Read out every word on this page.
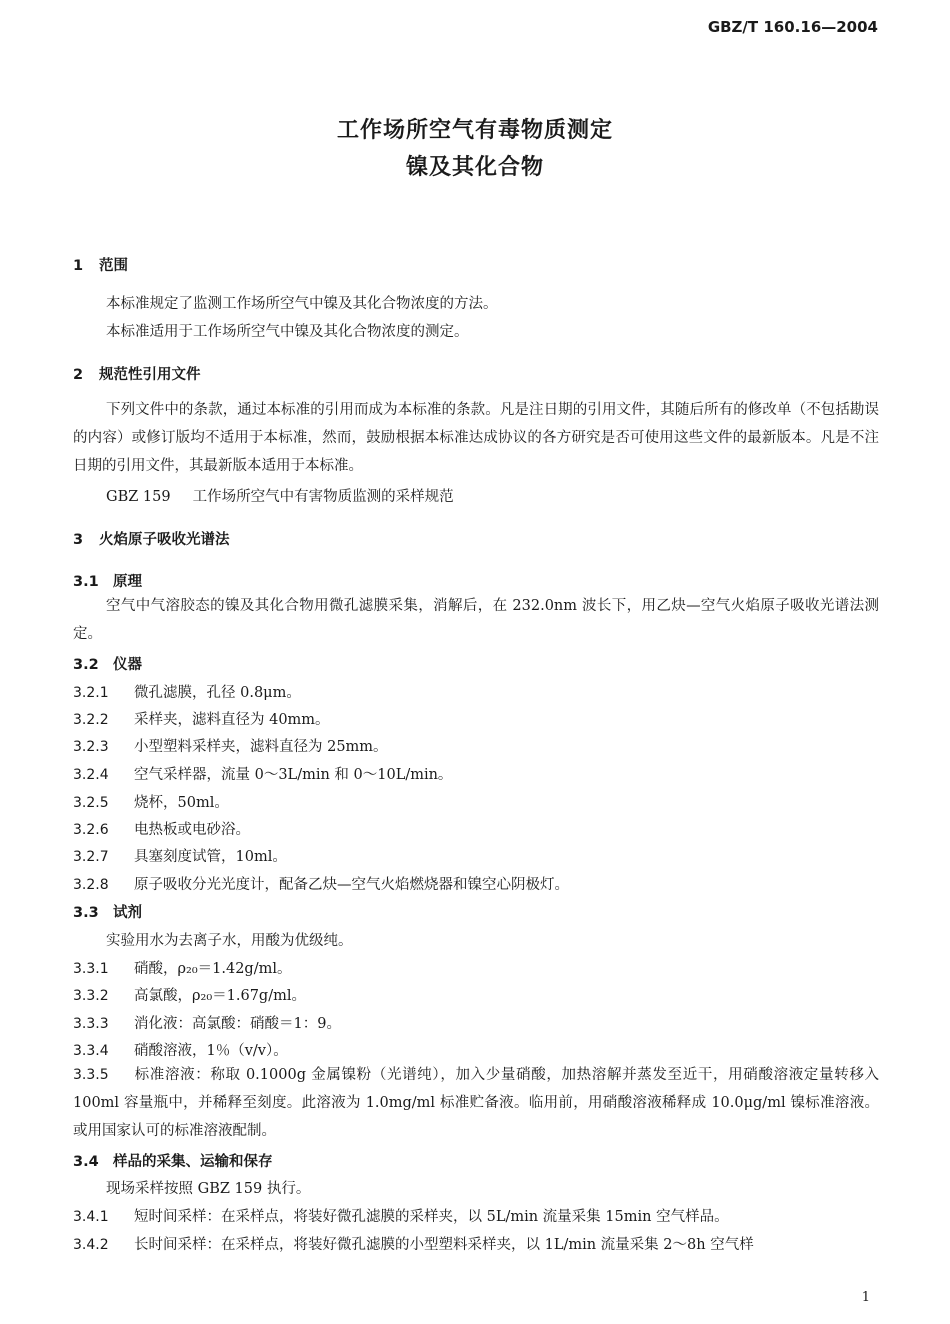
GBZ/T 160.16—2004
工作场所空气有毒物质测定
镍及其化合物
1 范围
本标准规定了监测工作场所空气中镍及其化合物浓度的方法。
本标准适用于工作场所空气中镍及其化合物浓度的测定。
2 规范性引用文件
下列文件中的条款，通过本标准的引用而成为本标准的条款。凡是注日期的引用文件，其随后所有的修改单（不包括勘误的内容）或修订版均不适用于本标准，然而，鼓励根据本标准达成协议的各方研究是否可使用这些文件的最新版本。凡是不注日期的引用文件，其最新版本适用于本标准。
GBZ 159 工作场所空气中有害物质监测的采样规范
3 火焰原子吸收光谱法
3.1 原理
空气中气溶胶态的镍及其化合物用微孔滤膜采集，消解后，在 232.0nm 波长下，用乙炔—空气火焰原子吸收光谱法测定。
3.2 仪器
3.2.1 微孔滤膜，孔径 0.8μm。
3.2.2 采样夹，滤料直径为 40mm。
3.2.3 小型塑料采样夹，滤料直径为 25mm。
3.2.4 空气采样器，流量 0～3L/min 和 0～10L/min。
3.2.5 烧杯，50ml。
3.2.6 电热板或电砂浴。
3.2.7 具塞刻度试管，10ml。
3.2.8 原子吸收分光光度计，配备乙炔—空气火焰燃烧器和镍空心阴极灯。
3.3 试剂
实验用水为去离子水，用酸为优级纯。
3.3.1 硝酸，ρ₂₀＝1.42g/ml。
3.3.2 高氯酸，ρ₂₀＝1.67g/ml。
3.3.3 消化液：高氯酸：硝酸＝1：9。
3.3.4 硝酸溶液，1％（v/v）。
3.3.5 标准溶液：称取 0.1000g 金属镍粉（光谱纯），加入少量硝酸，加热溶解并蒸发至近干，用硝酸溶液定量转移入 100ml 容量瓶中，并稀释至刻度。此溶液为 1.0mg/ml 标准贮备液。临用前，用硝酸溶液稀释成 10.0μg/ml 镍标准溶液。或用国家认可的标准溶液配制。
3.4 样品的采集、运输和保存
现场采样按照 GBZ 159 执行。
3.4.1 短时间采样：在采样点，将装好微孔滤膜的采样夹，以 5L/min 流量采集 15min 空气样品。
3.4.2 长时间采样：在采样点，将装好微孔滤膜的小型塑料采样夹，以 1L/min 流量采集 2～8h 空气样
1
